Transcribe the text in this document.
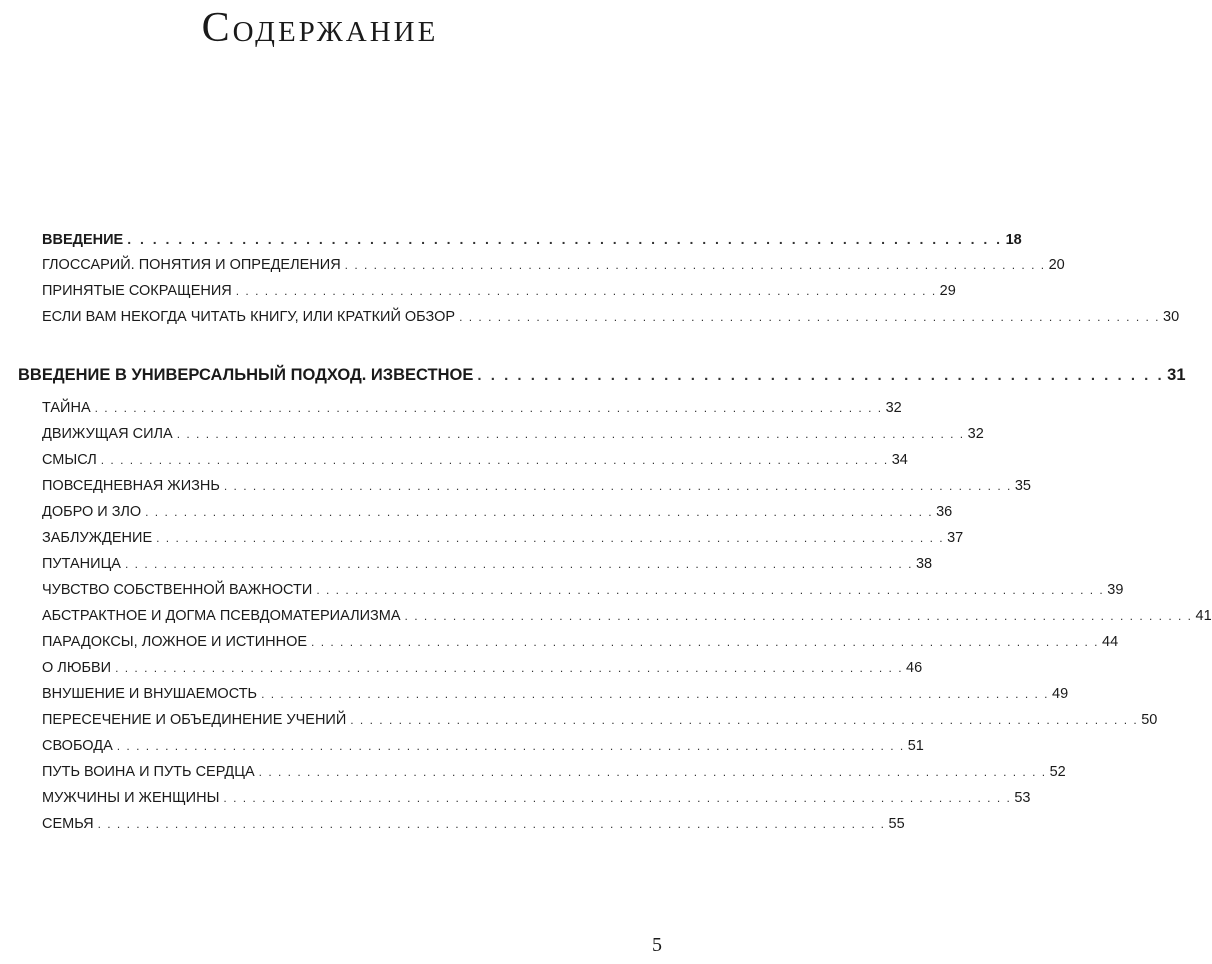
Содержание
ВВЕДЕНИЕ . . . . . . . . . . . . . . . . . . . . . . . . . . . . . . . . . . . . . . . . . . . . . . . . . . . . . . . . . . . . . . . . . . . . . 18
ГЛОССАРИЙ. ПОНЯТИЯ И ОПРЕДЕЛЕНИЯ . . . . . . . . . . . . . . . . . . . . . . . . . . . . . . . . . . . . . . . . . . . . . . . . . . . . . . . . . . . . . . . . . . . . . . . . . 20
ПРИНЯТЫЕ СОКРАЩЕНИЯ . . . . . . . . . . . . . . . . . . . . . . . . . . . . . . . . . . . . . . . . . . . . . . . . . . . . . . . . . . . . . . . . . . . . . . . . . 29
ЕСЛИ ВАМ НЕКОГДА ЧИТАТЬ КНИГУ, ИЛИ КРАТКИЙ ОБЗОР . . . . . . . . . . . . . . . . . . . . . . . . . . . . . . . . . . . . . . . . . . . . . . . . . . . . . . . . . . . . . . . . . . . . . . . . . 30
ВВЕДЕНИЕ В УНИВЕРСАЛЬНЫЙ ПОДХОД. ИЗВЕСТНОЕ . . . . . . . . . . . . . . . . . . . . . . . . . . . . . . . . . . . . . . . . . . . . . . . . . . . . 31
ТАЙНА . . . . . . . . . . . . . . . . . . . . . . . . . . . . . . . . . . . . . . . . . . . . . . . . . . . . . . . . . . . . . . . . . . . . . . . . . . . . . . . . . . 32
ДВИЖУЩАЯ СИЛА . . . . . . . . . . . . . . . . . . . . . . . . . . . . . . . . . . . . . . . . . . . . . . . . . . . . . . . . . . . . . . . . . . . . . . . . . . . . . . . . . . 32
СМЫСЛ . . . . . . . . . . . . . . . . . . . . . . . . . . . . . . . . . . . . . . . . . . . . . . . . . . . . . . . . . . . . . . . . . . . . . . . . . . . . . . . . . . 34
ПОВСЕДНЕВНАЯ ЖИЗНЬ . . . . . . . . . . . . . . . . . . . . . . . . . . . . . . . . . . . . . . . . . . . . . . . . . . . . . . . . . . . . . . . . . . . . . . . . . . . . . . . . . . 35
ДОБРО И ЗЛО . . . . . . . . . . . . . . . . . . . . . . . . . . . . . . . . . . . . . . . . . . . . . . . . . . . . . . . . . . . . . . . . . . . . . . . . . . . . . . . . . . 36
ЗАБЛУЖДЕНИЕ . . . . . . . . . . . . . . . . . . . . . . . . . . . . . . . . . . . . . . . . . . . . . . . . . . . . . . . . . . . . . . . . . . . . . . . . . . . . . . . . . . 37
ПУТАНИЦА . . . . . . . . . . . . . . . . . . . . . . . . . . . . . . . . . . . . . . . . . . . . . . . . . . . . . . . . . . . . . . . . . . . . . . . . . . . . . . . . . . 38
ЧУВСТВО СОБСТВЕННОЙ ВАЖНОСТИ . . . . . . . . . . . . . . . . . . . . . . . . . . . . . . . . . . . . . . . . . . . . . . . . . . . . . . . . . . . . . . . . . . . . . . . . . . . . . . . . . . 39
АБСТРАКТНОЕ И ДОГМА ПСЕВДОМАТЕРИАЛИЗМА . . . . . . . . . . . . . . . . . . . . . . . . . . . . . . . . . . . . . . . . . . . . . . . . . . . . . . . . . . . . . . . . . . . . . . . . . . . . . . . . . . 41
ПАРАДОКСЫ, ЛОЖНОЕ И ИСТИННОЕ . . . . . . . . . . . . . . . . . . . . . . . . . . . . . . . . . . . . . . . . . . . . . . . . . . . . . . . . . . . . . . . . . . . . . . . . . . . . . . . . . . 44
О ЛЮБВИ . . . . . . . . . . . . . . . . . . . . . . . . . . . . . . . . . . . . . . . . . . . . . . . . . . . . . . . . . . . . . . . . . . . . . . . . . . . . . . . . . . 46
ВНУШЕНИЕ И ВНУШАЕМОСТЬ . . . . . . . . . . . . . . . . . . . . . . . . . . . . . . . . . . . . . . . . . . . . . . . . . . . . . . . . . . . . . . . . . . . . . . . . . . . . . . . . . . 49
ПЕРЕСЕЧЕНИЕ И ОБЪЕДИНЕНИЕ УЧЕНИЙ . . . . . . . . . . . . . . . . . . . . . . . . . . . . . . . . . . . . . . . . . . . . . . . . . . . . . . . . . . . . . . . . . . . . . . . . . . . . . . . . . . 50
СВОБОДА . . . . . . . . . . . . . . . . . . . . . . . . . . . . . . . . . . . . . . . . . . . . . . . . . . . . . . . . . . . . . . . . . . . . . . . . . . . . . . . . . . 51
ПУТЬ ВОИНА И ПУТЬ СЕРДЦА . . . . . . . . . . . . . . . . . . . . . . . . . . . . . . . . . . . . . . . . . . . . . . . . . . . . . . . . . . . . . . . . . . . . . . . . . . . . . . . . . . 52
МУЖЧИНЫ И ЖЕНЩИНЫ . . . . . . . . . . . . . . . . . . . . . . . . . . . . . . . . . . . . . . . . . . . . . . . . . . . . . . . . . . . . . . . . . . . . . . . . . . . . . . . . . . 53
СЕМЬЯ . . . . . . . . . . . . . . . . . . . . . . . . . . . . . . . . . . . . . . . . . . . . . . . . . . . . . . . . . . . . . . . . . . . . . . . . . . . . . . . . . . 55
5
